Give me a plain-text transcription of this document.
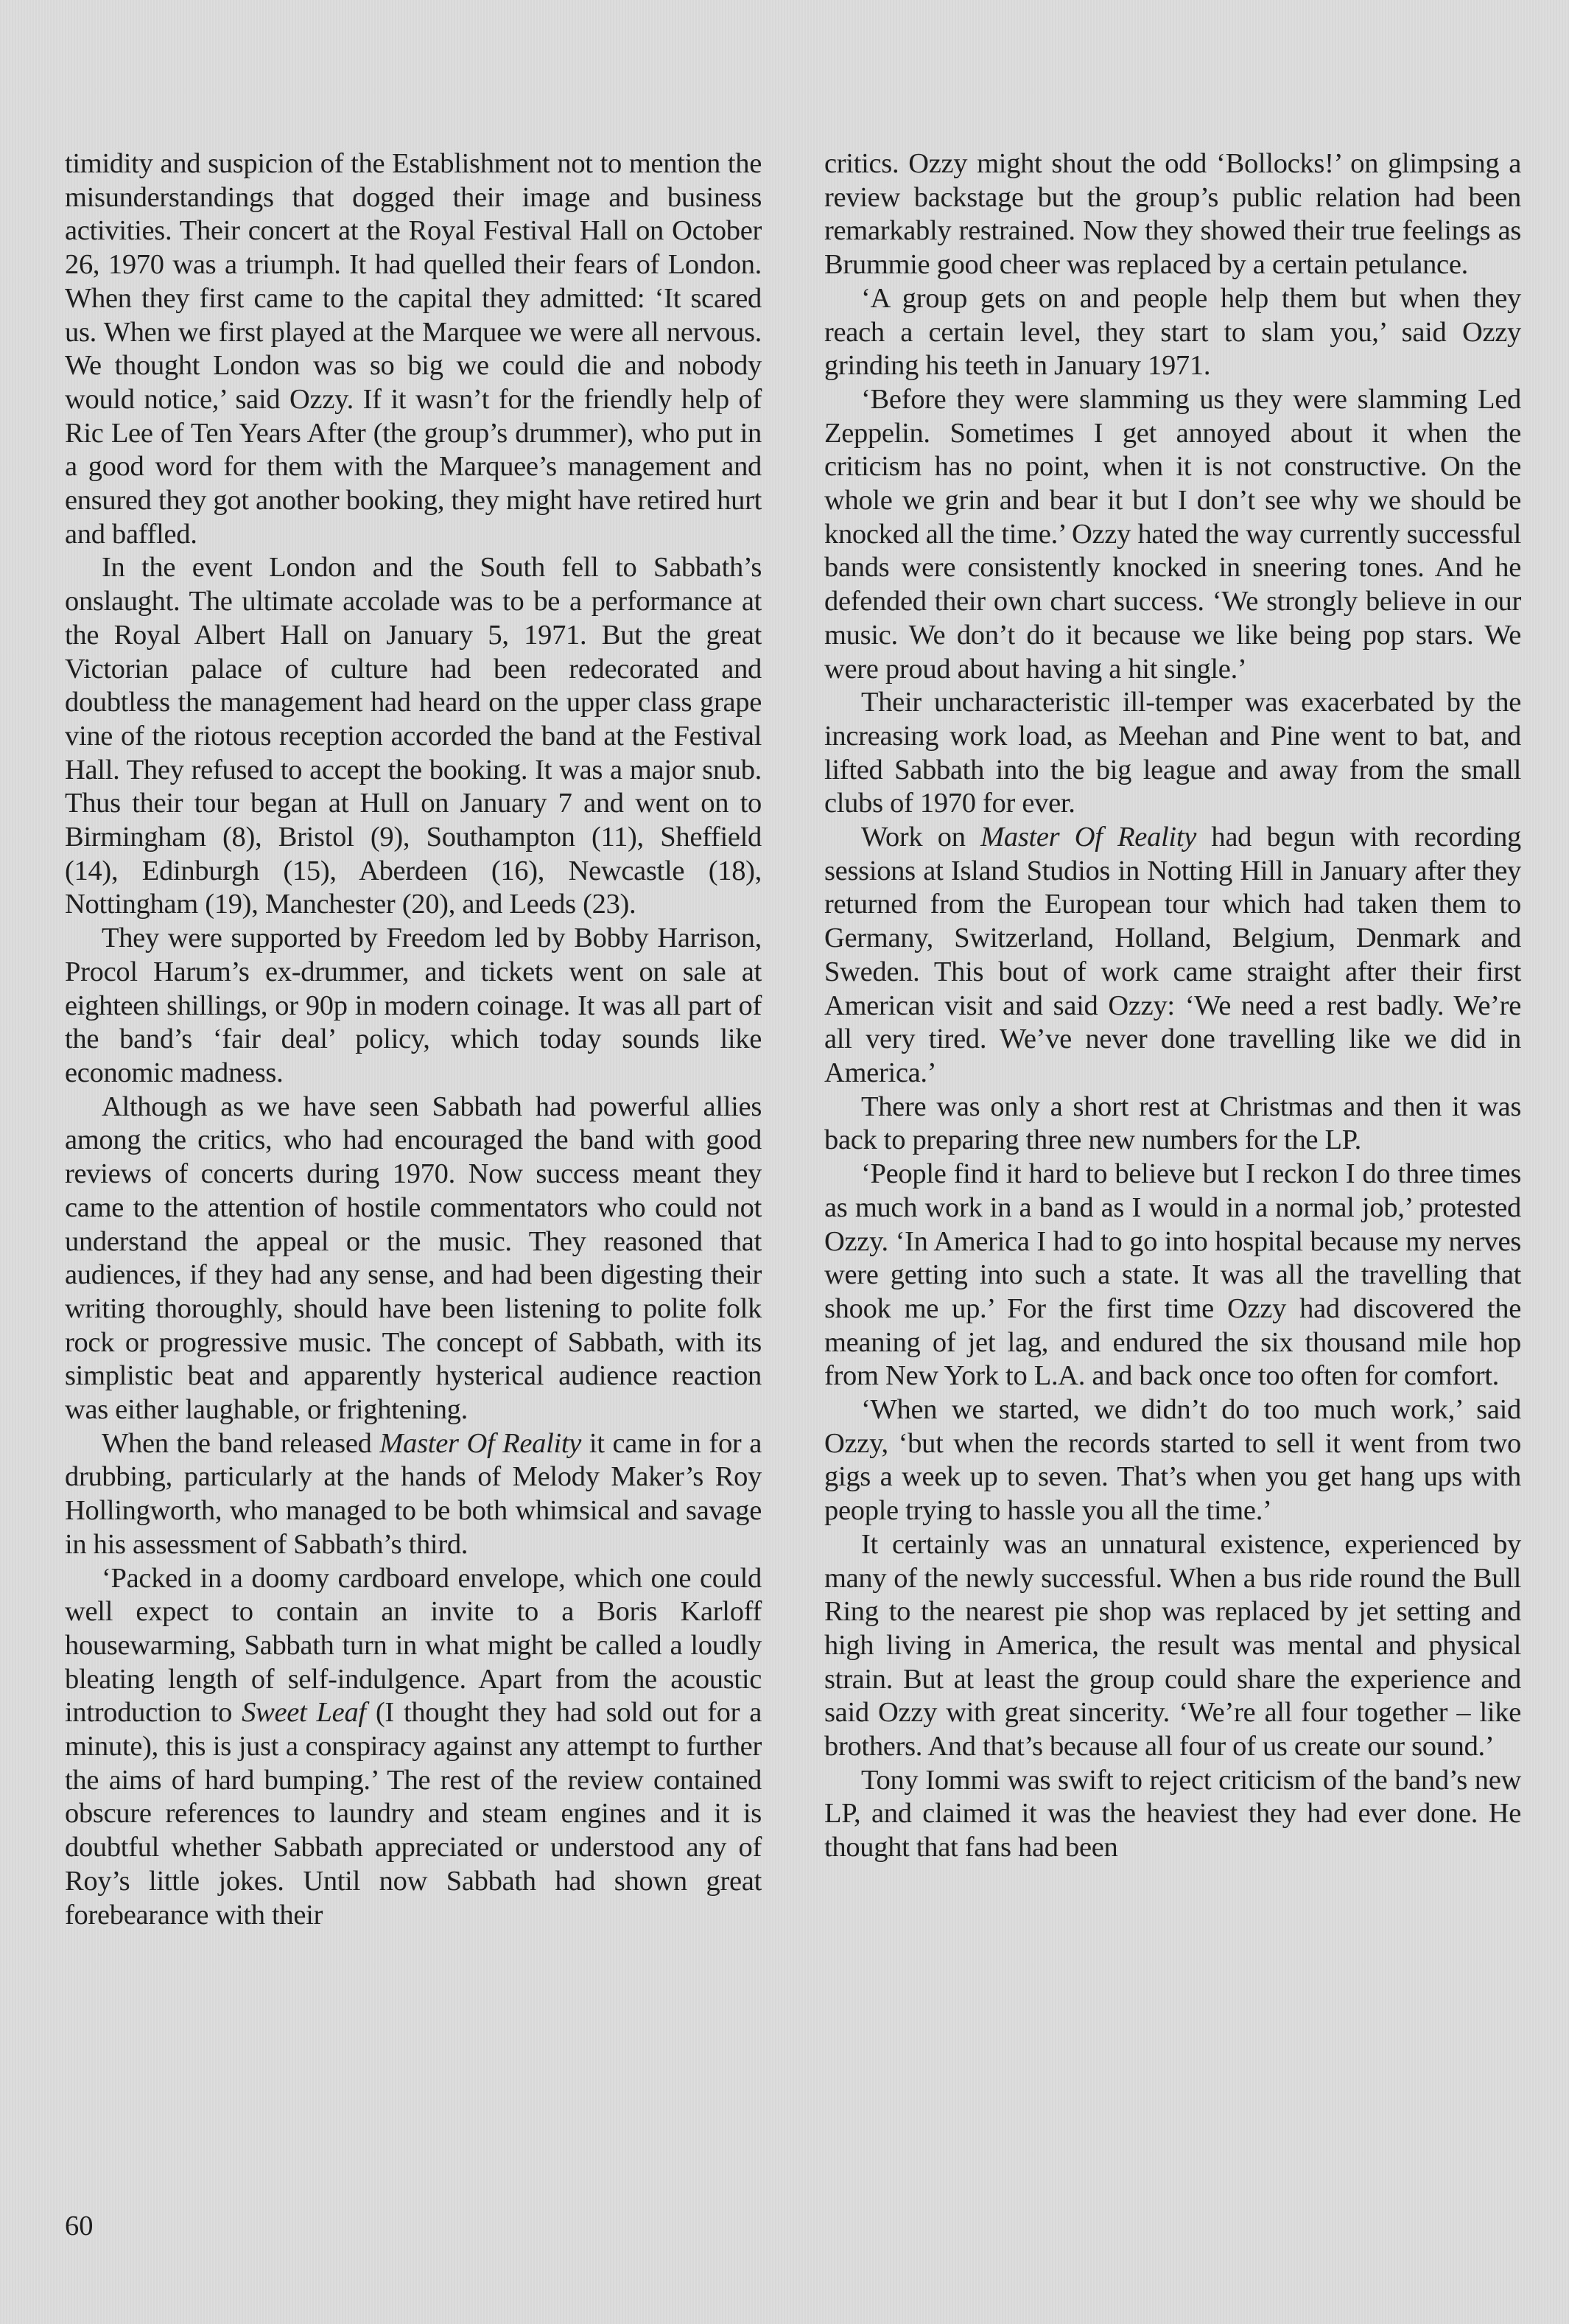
timidity and suspicion of the Establishment not to mention the misunderstandings that dogged their image and business activities. Their concert at the Royal Festival Hall on October 26, 1970 was a triumph. It had quelled their fears of London. When they first came to the capital they admitted: ‘It scared us. When we first played at the Marquee we were all nervous. We thought London was so big we could die and nobody would notice,’ said Ozzy. If it wasn’t for the friendly help of Ric Lee of Ten Years After (the group’s drummer), who put in a good word for them with the Marquee’s management and ensured they got another booking, they might have retired hurt and baffled.

In the event London and the South fell to Sabbath’s onslaught. The ultimate accolade was to be a performance at the Royal Albert Hall on January 5, 1971. But the great Victorian palace of culture had been redecorated and doubtless the management had heard on the upper class grape vine of the riotous reception accorded the band at the Festival Hall. They refused to accept the booking. It was a major snub. Thus their tour began at Hull on January 7 and went on to Birmingham (8), Bristol (9), Southampton (11), Sheffield (14), Edinburgh (15), Aberdeen (16), Newcastle (18), Nottingham (19), Manchester (20), and Leeds (23).

They were supported by Freedom led by Bobby Harrison, Procol Harum’s ex-drummer, and tickets went on sale at eighteen shillings, or 90p in modern coinage. It was all part of the band’s ‘fair deal’ policy, which today sounds like economic madness.

Although as we have seen Sabbath had powerful allies among the critics, who had encouraged the band with good reviews of concerts during 1970. Now success meant they came to the attention of hostile commentators who could not understand the appeal or the music. They reasoned that audiences, if they had any sense, and had been digesting their writing thoroughly, should have been listening to polite folk rock or progressive music. The concept of Sabbath, with its simplistic beat and apparently hysterical audience reaction was either laughable, or frightening.

When the band released Master Of Reality it came in for a drubbing, particularly at the hands of Melody Maker’s Roy Hollingworth, who managed to be both whimsical and savage in his assessment of Sabbath’s third.

‘Packed in a doomy cardboard envelope, which one could well expect to contain an invite to a Boris Karloff housewarming, Sabbath turn in what might be called a loudly bleating length of self-indulgence. Apart from the acoustic introduction to Sweet Leaf (I thought they had sold out for a minute), this is just a conspiracy against any attempt to further the aims of hard bumping.’ The rest of the review contained obscure references to laundry and steam engines and it is doubtful whether Sabbath appreciated or understood any of Roy’s little jokes. Until now Sabbath had shown great forebearance with their

critics. Ozzy might shout the odd ‘Bollocks!’ on glimpsing a review backstage but the group’s public relation had been remarkably restrained. Now they showed their true feelings as Brummie good cheer was replaced by a certain petulance.

‘A group gets on and people help them but when they reach a certain level, they start to slam you,’ said Ozzy grinding his teeth in January 1971.

‘Before they were slamming us they were slamming Led Zeppelin. Sometimes I get annoyed about it when the criticism has no point, when it is not constructive. On the whole we grin and bear it but I don’t see why we should be knocked all the time.’ Ozzy hated the way currently successful bands were consistently knocked in sneering tones. And he defended their own chart success. ‘We strongly believe in our music. We don’t do it because we like being pop stars. We were proud about having a hit single.’

Their uncharacteristic ill-temper was exacerbated by the increasing work load, as Meehan and Pine went to bat, and lifted Sabbath into the big league and away from the small clubs of 1970 for ever.

Work on Master Of Reality had begun with recording sessions at Island Studios in Notting Hill in January after they returned from the European tour which had taken them to Germany, Switzerland, Holland, Belgium, Denmark and Sweden. This bout of work came straight after their first American visit and said Ozzy: ‘We need a rest badly. We’re all very tired. We’ve never done travelling like we did in America.’

There was only a short rest at Christmas and then it was back to preparing three new numbers for the LP.

‘People find it hard to believe but I reckon I do three times as much work in a band as I would in a normal job,’ protested Ozzy. ‘In America I had to go into hospital because my nerves were getting into such a state. It was all the travelling that shook me up.’ For the first time Ozzy had discovered the meaning of jet lag, and endured the six thousand mile hop from New York to L.A. and back once too often for comfort.

‘When we started, we didn’t do too much work,’ said Ozzy, ‘but when the records started to sell it went from two gigs a week up to seven. That’s when you get hang ups with people trying to hassle you all the time.’

It certainly was an unnatural existence, experienced by many of the newly successful. When a bus ride round the Bull Ring to the nearest pie shop was replaced by jet setting and high living in America, the result was mental and physical strain. But at least the group could share the experience and said Ozzy with great sincerity. ‘We’re all four together – like brothers. And that’s because all four of us create our sound.’

Tony Iommi was swift to reject criticism of the band’s new LP, and claimed it was the heaviest they had ever done. He thought that fans had been

60
